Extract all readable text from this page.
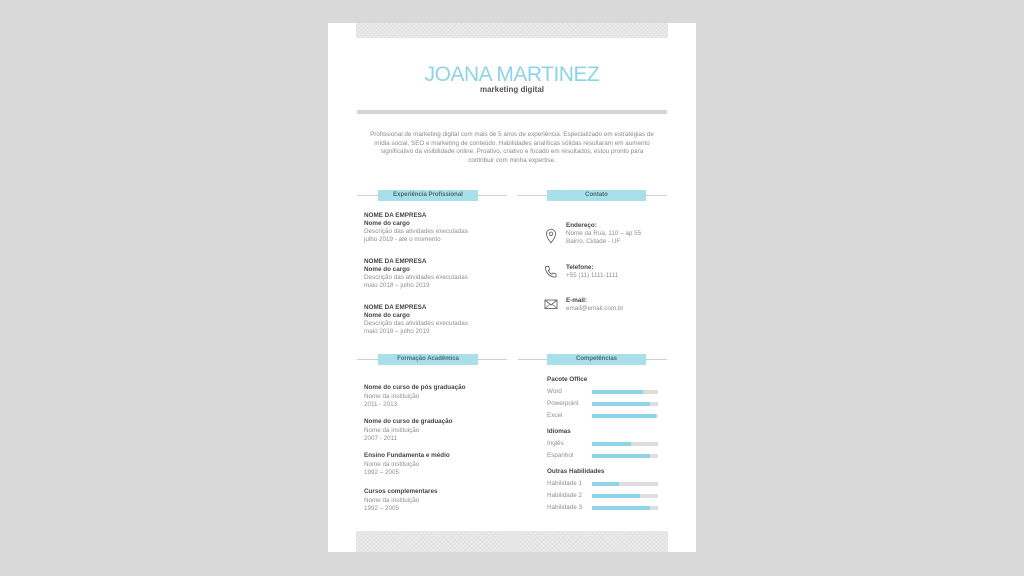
JOANA MARTINEZ
marketing digital
Profissional de marketing digital com mais de 5 anos de experiência. Especializado em estratégias de mídia social, SEO e marketing de conteúdo. Habilidades analíticas sólidas resultaram em aumento significativo da visibilidade online. Proativo, criativo e focado em resultados, estou pronto para contribuir com minha expertise.
Experiência Profissional	Contato
NOME DA EMPRESA
Nome do cargo
Descrição das atividades executadas
julho 2019 - até o momento
NOME DA EMPRESA
Nome do cargo
Descrição das atividades executadas
maio 2018 – julho 2019
NOME DA EMPRESA
Nome do cargo
Descrição das atividades executadas
maio 2018 – julho 2019
Endereço:
Nome da Rua, 110 – ap 55
Bairro, Cidade - UF
Telefone:
+55 (11) 1111-1111
E-mail:
email@email.com.br
Formação Acadêmica	Competências
Nome do curso de pós graduação
Nome da instituição
2011 - 2013
Nome do curso de graduação
Nome da instituição
2007 - 2011
Ensino Fundamenta e médio
Nome da instituição
1992 – 2005
Cursos complementares
Nome da instituição
1992 – 2005
Pacote Office
Word
Powerpoint
Excel
Idiomas
Inglês
Espanhol
Outras Habilidades
Habilidade 1
Habilidade 2
Habilidade 3
